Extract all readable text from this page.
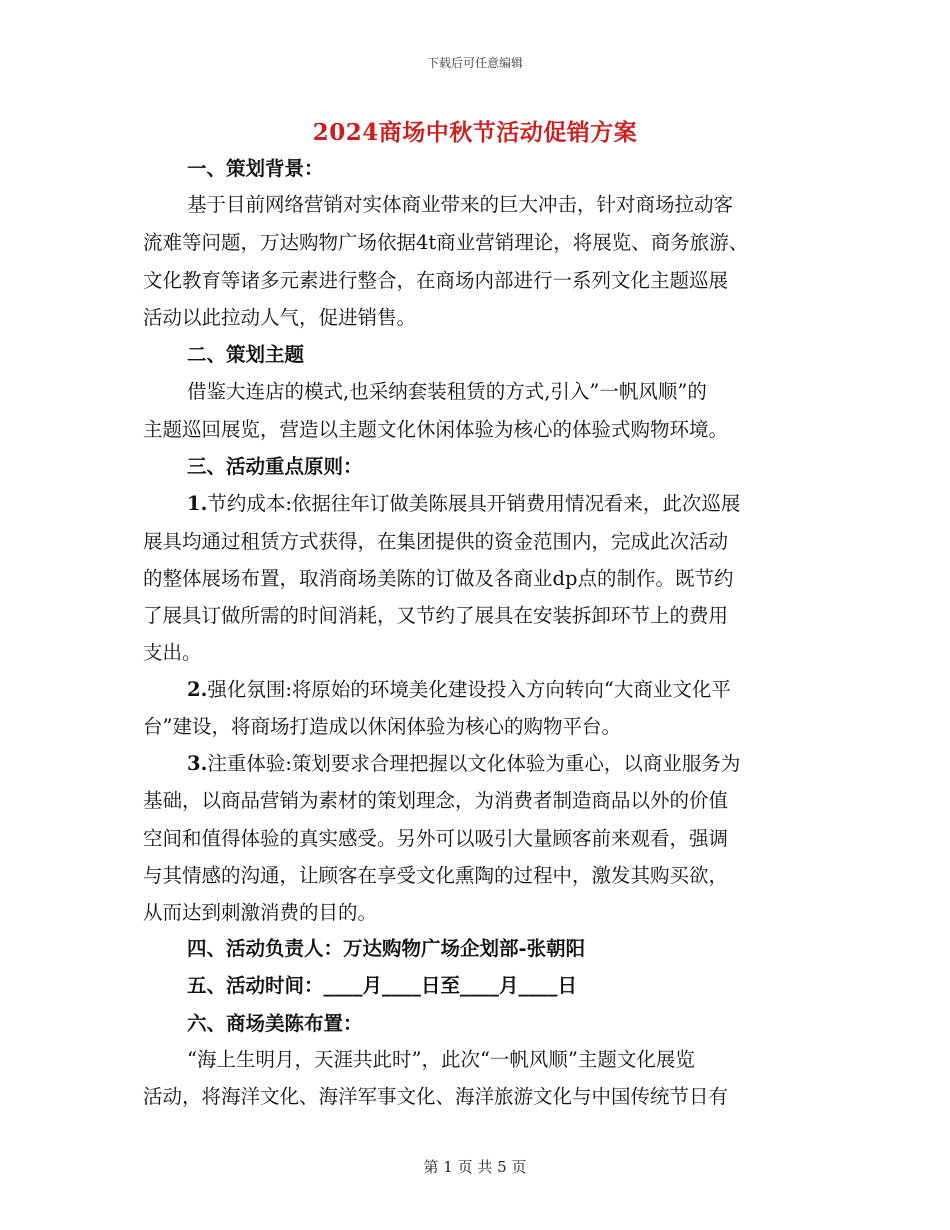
下载后可任意编辑
2024商场中秋节活动促销方案
一、策划背景：
基于目前网络营销对实体商业带来的巨大冲击，针对商场拉动客
流难等问题，万达购物广场依据4t商业营销理论，将展览、商务旅游、
文化教育等诸多元素进行整合，在商场内部进行一系列文化主题巡展
活动以此拉动人气，促进销售。
二、策划主题
借鉴大连店的模式,也采纳套装租赁的方式,引入”一帆风顺”的
主题巡回展览，营造以主题文化休闲体验为核心的体验式购物环境。
三、活动重点原则：
1.节约成本:依据往年订做美陈展具开销费用情况看来，此次巡展
展具均通过租赁方式获得，在集团提供的资金范围内，完成此次活动
的整体展场布置，取消商场美陈的订做及各商业dp点的制作。既节约
了展具订做所需的时间消耗，又节约了展具在安装拆卸环节上的费用
支出。
2.强化氛围:将原始的环境美化建设投入方向转向“大商业文化平
台”建设，将商场打造成以休闲体验为核心的购物平台。
3.注重体验:策划要求合理把握以文化体验为重心，以商业服务为
基础，以商品营销为素材的策划理念，为消费者制造商品以外的价值
空间和值得体验的真实感受。另外可以吸引大量顾客前来观看，强调
与其情感的沟通，让顾客在享受文化熏陶的过程中，激发其购买欲，
从而达到刺激消费的目的。
四、活动负责人：万达购物广场企划部-张朝阳
五、活动时间：____月____日至____月____日
六、商场美陈布置：
“海上生明月，天涯共此时”，此次“一帆风顺”主题文化展览
活动，将海洋文化、海洋军事文化、海洋旅游文化与中国传统节日有
第 1 页 共 5 页
